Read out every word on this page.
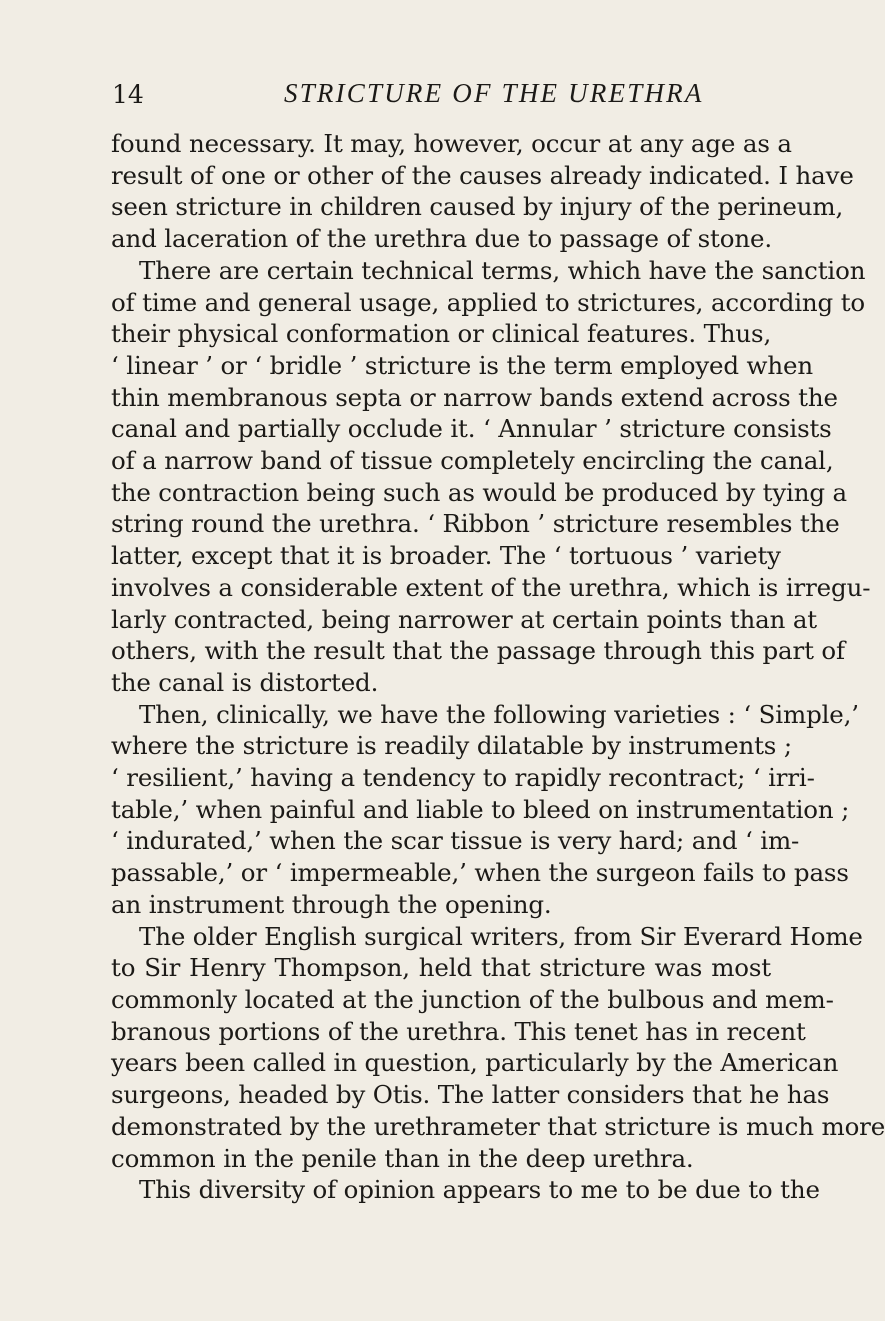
14	STRICTURE OF THE URETHRA
found necessary. It may, however, occur at any age as a
result of one or other of the causes already indicated. I have
seen stricture in children caused by injury of the perineum,
and laceration of the urethra due to passage of stone.
There are certain technical terms, which have the sanction
of time and general usage, applied to strictures, according to
their physical conformation or clinical features. Thus,
‘ linear ’ or ‘ bridle ’ stricture is the term employed when
thin membranous septa or narrow bands extend across the
canal and partially occlude it. ‘ Annular ’ stricture consists
of a narrow band of tissue completely encircling the canal,
the contraction being such as would be produced by tying a
string round the urethra. ‘ Ribbon ’ stricture resembles the
latter, except that it is broader. The ‘ tortuous ’ variety
involves a considerable extent of the urethra, which is irregu-
larly contracted, being narrower at certain points than at
others, with the result that the passage through this part of
the canal is distorted.
Then, clinically, we have the following varieties : ‘ Simple,’
where the stricture is readily dilatable by instruments ;
‘ resilient,’ having a tendency to rapidly recontract; ‘ irri-
table,’ when painful and liable to bleed on instrumentation ;
‘ indurated,’ when the scar tissue is very hard; and ‘ im-
passable,’ or ‘ impermeable,’ when the surgeon fails to pass
an instrument through the opening.
The older English surgical writers, from Sir Everard Home
to Sir Henry Thompson, held that stricture was most
commonly located at the junction of the bulbous and mem-
branous portions of the urethra. This tenet has in recent
years been called in question, particularly by the American
surgeons, headed by Otis. The latter considers that he has
demonstrated by the urethrameter that stricture is much more
common in the penile than in the deep urethra.
This diversity of opinion appears to me to be due to the
